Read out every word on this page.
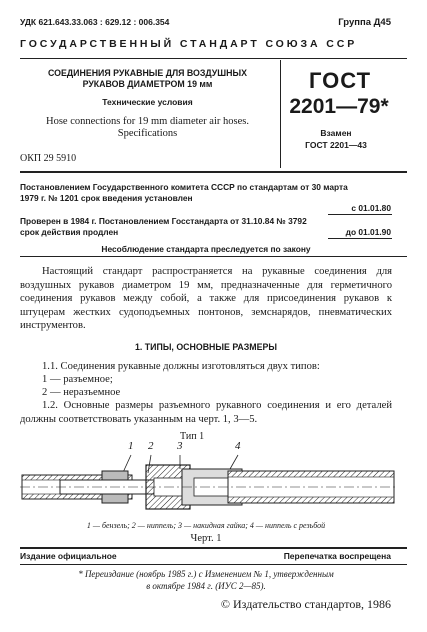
УДК 621.643.33.063 : 629.12 : 006.354	Группа Д45
ГОСУДАРСТВЕННЫЙ СТАНДАРТ СОЮЗА ССР
СОЕДИНЕНИЯ РУКАВНЫЕ ДЛЯ ВОЗДУШНЫХ
РУКАВОВ ДИАМЕТРОМ 19 мм
Технические условия
Hose connections for 19 mm diameter air hoses.
Specifications
ОКП 29 5910
ГОСТ
2201—79*
Взамен
ГОСТ 2201—43
Постановлением Государственного комитета СССР по стандартам от 30 марта
1979 г. № 1201 срок введения установлен
с 01.01.80
Проверен в 1984 г. Постановлением Госстандарта от 31.10.84 № 3792
срок действия продлен	до 01.01.90
Несоблюдение стандарта преследуется по закону
Настоящий стандарт распространяется на рукавные соединения для воздушных рукавов диаметром 19 мм, предназначенные для герметичного соединения рукавов между собой, а также для присоединения рукавов к штуцерам жестких судоподъемных понтонов, земснарядов, пневматических инструментов.
1. ТИПЫ, ОСНОВНЫЕ РАЗМЕРЫ
1.1. Соединения рукавные должны изготовляться двух типов:
1 — разъемное;
2 — неразъемное
1.2. Основные размеры разъемного рукавного соединения и его деталей должны соответствовать указанным на черт. 1, 3—5.
Тип 1
1 2 3	4
1 — бензель; 2 — ниппель; 3 — накидная гайка; 4 — ниппель с резьбой
Черт. 1
Издание официальное	Перепечатка воспрещена
* Переиздание (ноябрь 1985 г.) с Изменением № 1, утвержденным
в октябре 1984 г. (ИУС 2—85).
© Издательство стандартов, 1986
